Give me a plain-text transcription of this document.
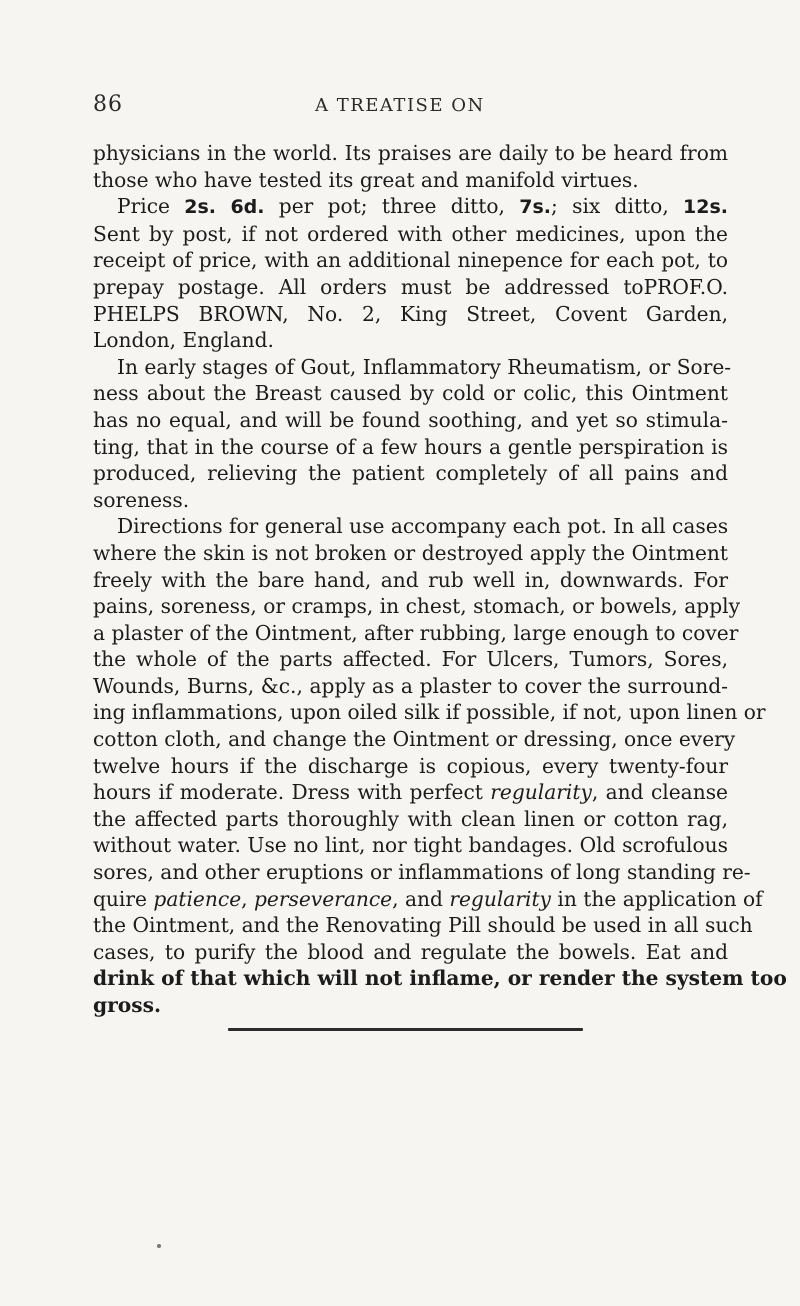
86	A TREATISE ON
physicians in the world. Its praises are daily to be heard from
those who have tested its great and manifold virtues.
Price 2s. 6d. per pot; three ditto, 7s.; six ditto, 12s.
Sent by post, if not ordered with other medicines, upon the
receipt of price, with an additional ninepence for each pot, to
prepay postage. All orders must be addressed toPROF.O.
PHELPS BROWN, No. 2, King Street, Covent Garden,
London, England.
In early stages of Gout, Inflammatory Rheumatism, or Sore-
ness about the Breast caused by cold or colic, this Ointment
has no equal, and will be found soothing, and yet so stimula-
ting, that in the course of a few hours a gentle perspiration is
produced, relieving the patient completely of all pains and
soreness.
Directions for general use accompany each pot. In all cases
where the skin is not broken or destroyed apply the Ointment
freely with the bare hand, and rub well in, downwards. For
pains, soreness, or cramps, in chest, stomach, or bowels, apply
a plaster of the Ointment, after rubbing, large enough to cover
the whole of the parts affected. For Ulcers, Tumors, Sores,
Wounds, Burns, &c., apply as a plaster to cover the surround-
ing inflammations, upon oiled silk if possible, if not, upon linen or
cotton cloth, and change the Ointment or dressing, once every
twelve hours if the discharge is copious, every twenty-four
hours if moderate. Dress with perfect regularity, and cleanse
the affected parts thoroughly with clean linen or cotton rag,
without water. Use no lint, nor tight bandages. Old scrofulous
sores, and other eruptions or inflammations of long standing re-
quire patience, perseverance, and regularity in the application of
the Ointment, and the Renovating Pill should be used in all such
cases, to purify the blood and regulate the bowels. Eat and
drink of that which will not inflame, or render the system too
gross.
